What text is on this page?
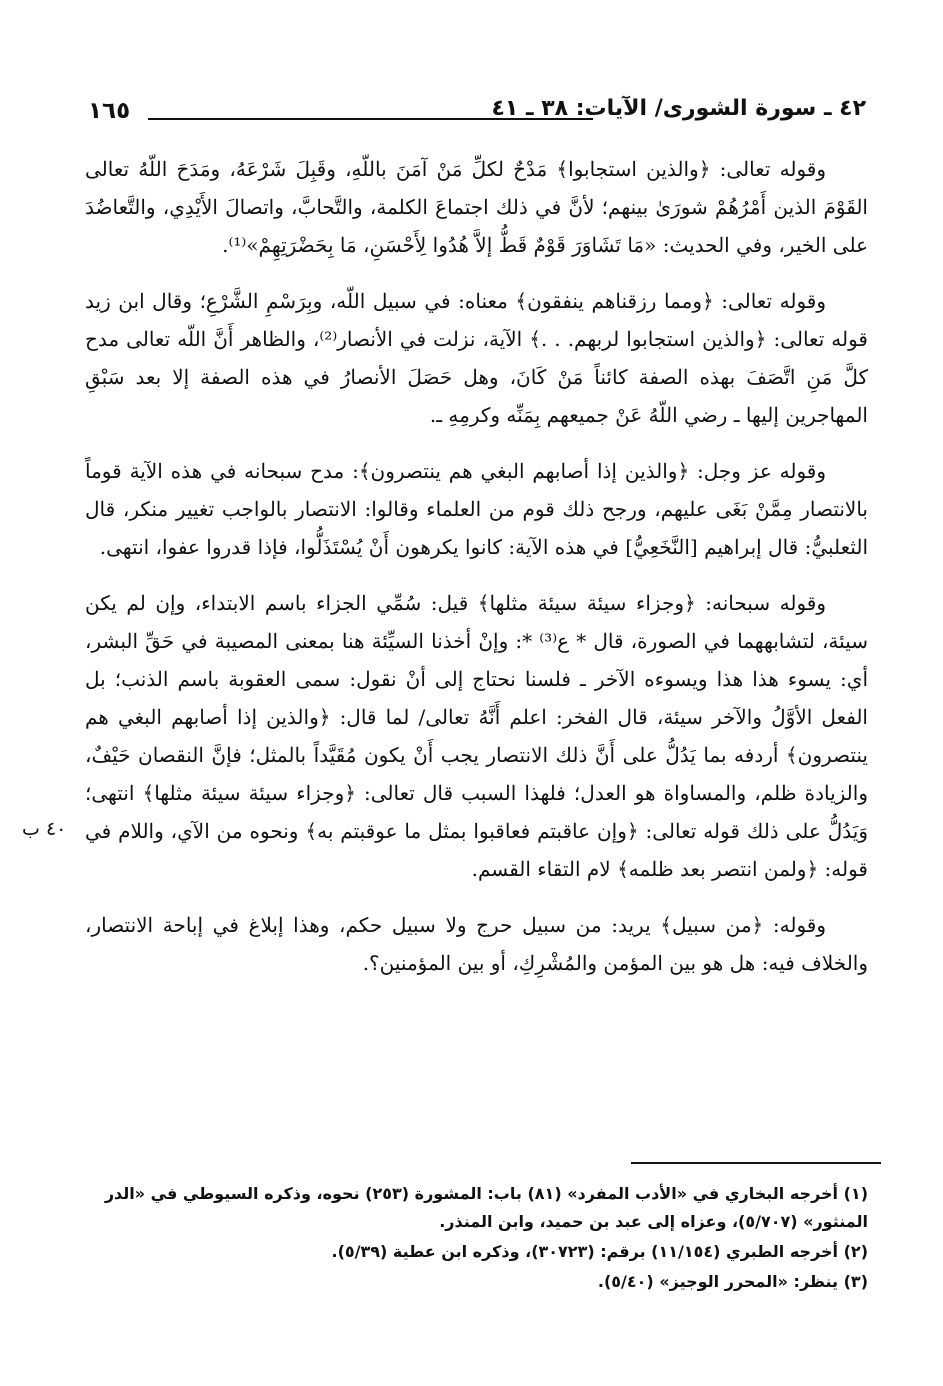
١٦٥	٤٢ ـ سورة الشورى/ الآيات: ٣٨ ـ ٤١

وقوله تعالى: ﴿والذين استجابوا﴾ مَدْحٌ لكلِّ مَنْ آمَنَ باللّهِ، وقَبِلَ شَرْعَهُ، ومَدَحَ اللّهُ تعالى القَوْمَ الذين أَمْرُهُمْ شورَىٰ بينهم؛ لأنَّ في ذلك اجتماعَ الكلمة، والتَّحابَّ، واتصالَ الأَيْدِي، والتَّعاضُدَ على الخير، وفي الحديث: «مَا تَشَاوَرَ قَوْمٌ قَطُّ إلاَّ هُدُوا لِأَحْسَنِ، مَا بِحَضْرَتِهِمْ»⁽¹⁾.

وقوله تعالى: ﴿ومما رزقناهم ينفقون﴾ معناه: في سبيل اللّه، وبِرَسْمِ الشَّرْعِ؛ وقال ابن زيد قوله تعالى: ﴿والذين استجابوا لربهم. . .﴾ الآية، نزلت في الأنصار⁽²⁾، والظاهر أَنَّ اللّه تعالى مدح كلَّ مَنِ اتَّصَفَ بهذه الصفة كائناً مَنْ كَانَ، وهل حَصَلَ الأنصارُ في هذه الصفة إلا بعد سَبْقِ المهاجرين إليها ـ رضي اللّهُ عَنْ جميعهم بِمَنِّه وكرمِهِ ـ.

وقوله عز وجل: ﴿والذين إذا أصابهم البغي هم ينتصرون﴾: مدح سبحانه في هذه الآية قوماً بالانتصار مِمَّنْ بَغَى عليهم، ورجح ذلك قوم من العلماء وقالوا: الانتصار بالواجب تغيير منكر، قال الثعلبيُّ: قال إبراهيم [النَّخَعِيُّ] في هذه الآية: كانوا يكرهون أَنْ يُسْتَذَلُّوا، فإذا قدروا عفوا، انتهى.

وقوله سبحانه: ﴿وجزاء سيئة سيئة مثلها﴾ قيل: سُمِّي الجزاء باسم الابتداء، وإن لم يكن سيئة، لتشابههما في الصورة، قال * ع⁽³⁾ *: وإنْ أخذنا السيِّئة هنا بمعنى المصيبة في حَقِّ البشر، أي: يسوء هذا هذا ويسوءه الآخر ـ فلسنا نحتاج إلى أنْ نقول: سمى العقوبة باسم الذنب؛ بل الفعل الأوَّلُ والآخر سيئة، قال الفخر: اعلم أَنَّهُ تعالى/ لما قال: ﴿والذين إذا أصابهم البغي هم ينتصرون﴾ أردفه بما يَدُلُّ على أَنَّ ذلك الانتصار يجب أَنْ يكون مُقَيَّداً بالمثل؛ فإنَّ النقصان حَيْفٌ، والزيادة ظلم، والمساواة هو العدل؛ فلهذا السبب قال تعالى: ﴿وجزاء سيئة سيئة مثلها﴾ انتهى؛ وَيَدُلُّ على ذلك قوله تعالى: ﴿وإن عاقبتم فعاقبوا بمثل ما عوقبتم به﴾ ونحوه من الآي، واللام في قوله: ﴿ولمن انتصر بعد ظلمه﴾ لام التقاء القسم.

وقوله: ﴿من سبيل﴾ يريد: من سبيل حرج ولا سبيل حكم، وهذا إبلاغ في إباحة الانتصار، والخلاف فيه: هل هو بين المؤمن والمُشْرِكِ، أو بين المؤمنين؟.

٤٠ ب

(١) أخرجه البخاري في «الأدب المفرد» (٨١) باب: المشورة (٢٥٣) نحوه، وذكره السيوطي في «الدر المنثور» (٥/٧٠٧)، وعزاه إلى عبد بن حميد، وابن المنذر.

(٢) أخرجه الطبري (١١/١٥٤) برقم: (٣٠٧٢٣)، وذكره ابن عطية (٥/٣٩).

(٣) ينظر: «المحرر الوجيز» (٥/٤٠).
